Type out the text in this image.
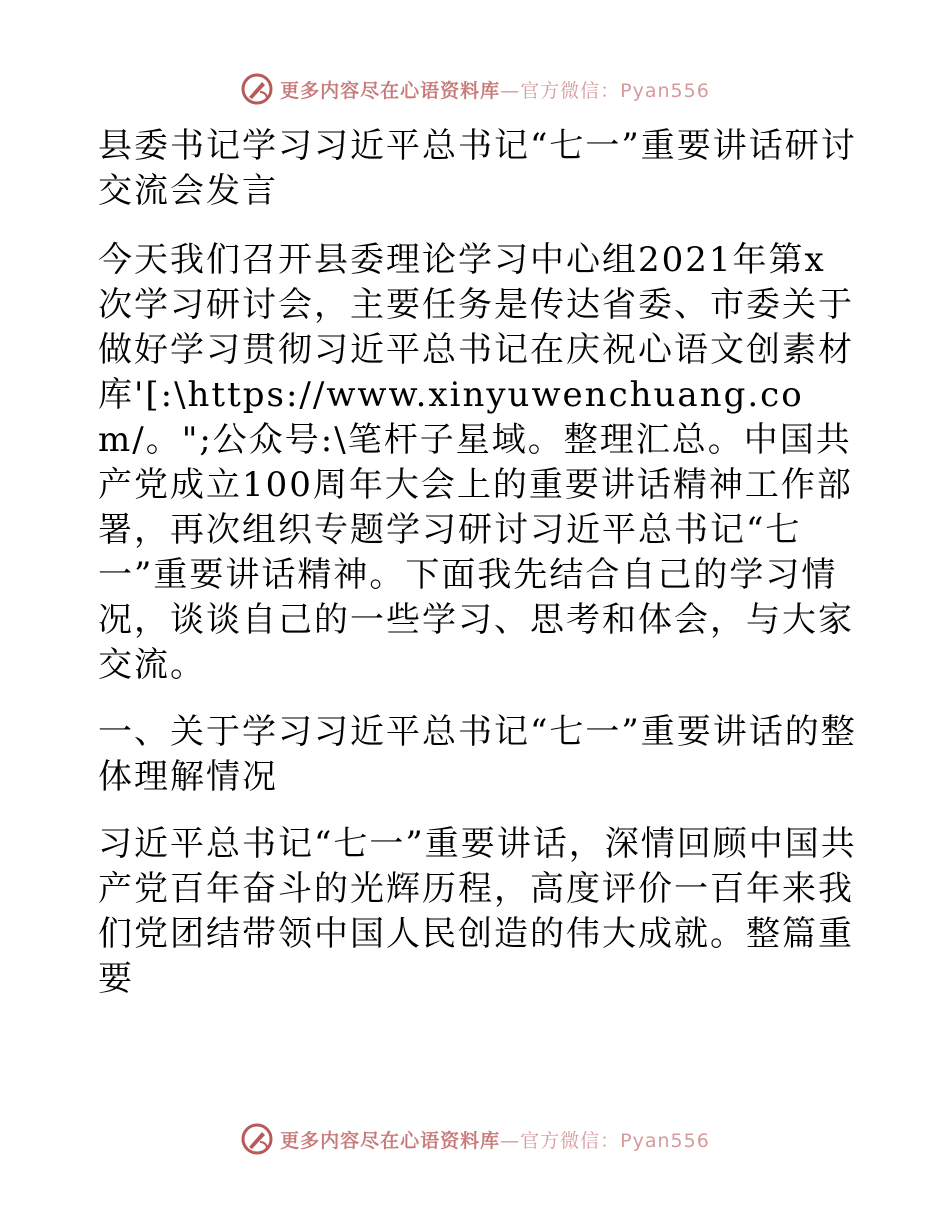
更多内容尽在心语资料库—官方微信：Pyan556

县委书记学习习近平总书记“七一”重要讲话研讨交流会发言

今天我们召开县委理论学习中心组2021年第x次学习研讨会，主要任务是传达省委、市委关于做好学习贯彻习近平总书记在庆祝心语文创素材库'[:\https://www.xinyuwenchuang.com/。";公众号:\笔杆子星域。整理汇总。中国共产党成立100周年大会上的重要讲话精神工作部署，再次组织专题学习研讨习近平总书记“七一”重要讲话精神。下面我先结合自己的学习情况，谈谈自己的一些学习、思考和体会，与大家交流。

一、关于学习习近平总书记“七一”重要讲话的整体理解情况

习近平总书记“七一”重要讲话，深情回顾中国共产党百年奋斗的光辉历程，高度评价一百年来我们党团结带领中国人民创造的伟大成就。整篇重要

更多内容尽在心语资料库—官方微信：Pyan556
